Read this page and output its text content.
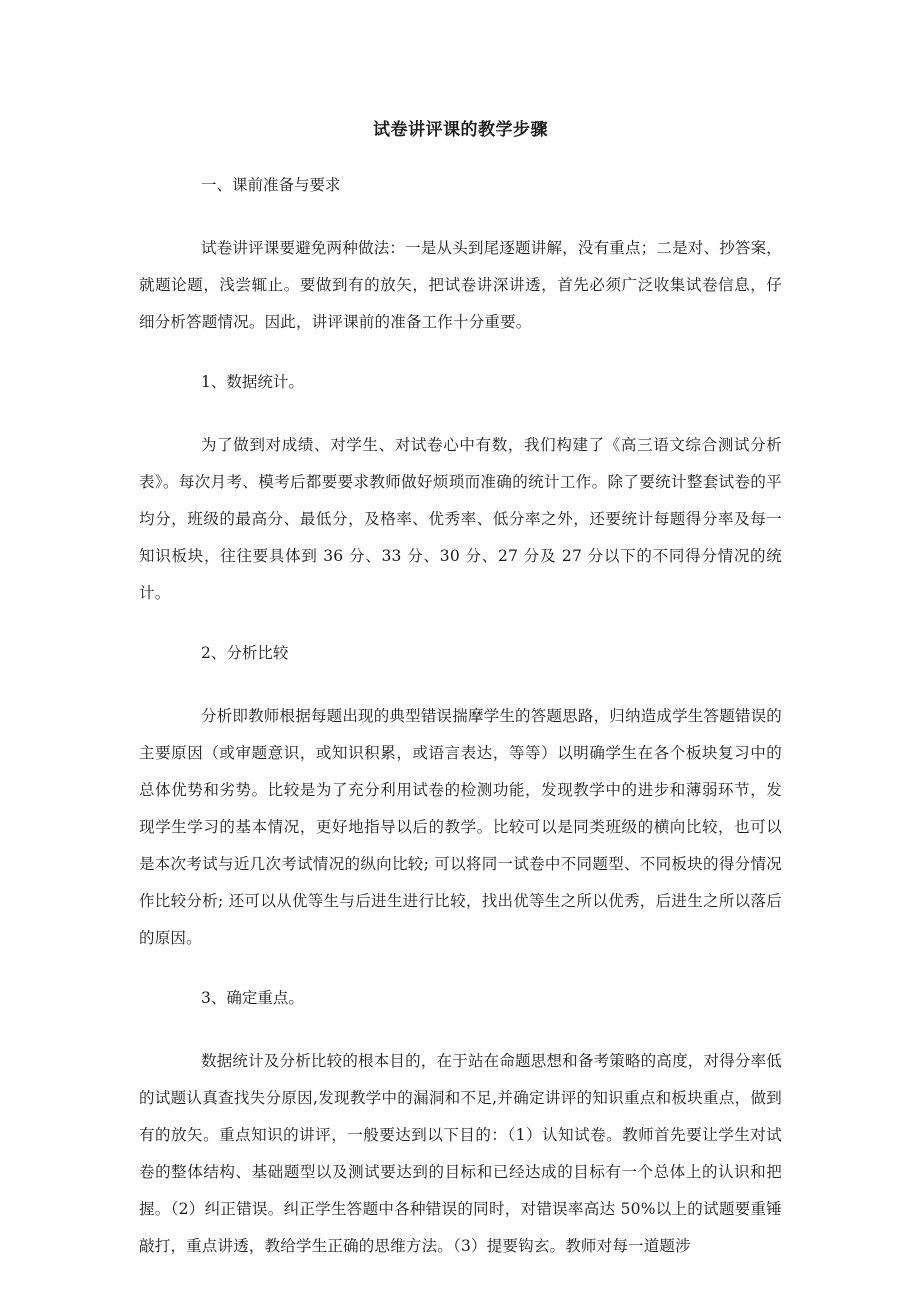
试卷讲评课的教学步骤
一、课前准备与要求

试卷讲评课要避免两种做法：一是从头到尾逐题讲解，没有重点；二是对、抄答案，就题论题，浅尝辄止。要做到有的放矢，把试卷讲深讲透，首先必须广泛收集试卷信息，仔细分析答题情况。因此，讲评课前的准备工作十分重要。

1、数据统计。

为了做到对成绩、对学生、对试卷心中有数，我们构建了《高三语文综合测试分析表》。每次月考、模考后都要要求教师做好烦琐而准确的统计工作。除了要统计整套试卷的平均分，班级的最高分、最低分，及格率、优秀率、低分率之外，还要统计每题得分率及每一知识板块，往往要具体到 36 分、33 分、30 分、27 分及 27 分以下的不同得分情况的统计。

2、分析比较

分析即教师根据每题出现的典型错误揣摩学生的答题思路，归纳造成学生答题错误的主要原因（或审题意识，或知识积累，或语言表达，等等）以明确学生在各个板块复习中的总体优势和劣势。比较是为了充分利用试卷的检测功能，发现教学中的进步和薄弱环节，发现学生学习的基本情况，更好地指导以后的教学。比较可以是同类班级的横向比较，也可以是本次考试与近几次考试情况的纵向比较; 可以将同一试卷中不同题型、不同板块的得分情况作比较分析; 还可以从优等生与后进生进行比较，找出优等生之所以优秀，后进生之所以落后的原因。

3、确定重点。

数据统计及分析比较的根本目的，在于站在命题思想和备考策略的高度，对得分率低的试题认真查找失分原因,发现教学中的漏洞和不足,并确定讲评的知识重点和板块重点，做到有的放矢。重点知识的讲评，一般要达到以下目的：（1）认知试卷。教师首先要让学生对试卷的整体结构、基础题型以及测试要达到的目标和已经达成的目标有一个总体上的认识和把握。（2）纠正错误。纠正学生答题中各种错误的同时，对错误率高达 50%以上的试题要重锤敲打，重点讲透，教给学生正确的思维方法。（3）提要钩玄。教师对每一道题涉
